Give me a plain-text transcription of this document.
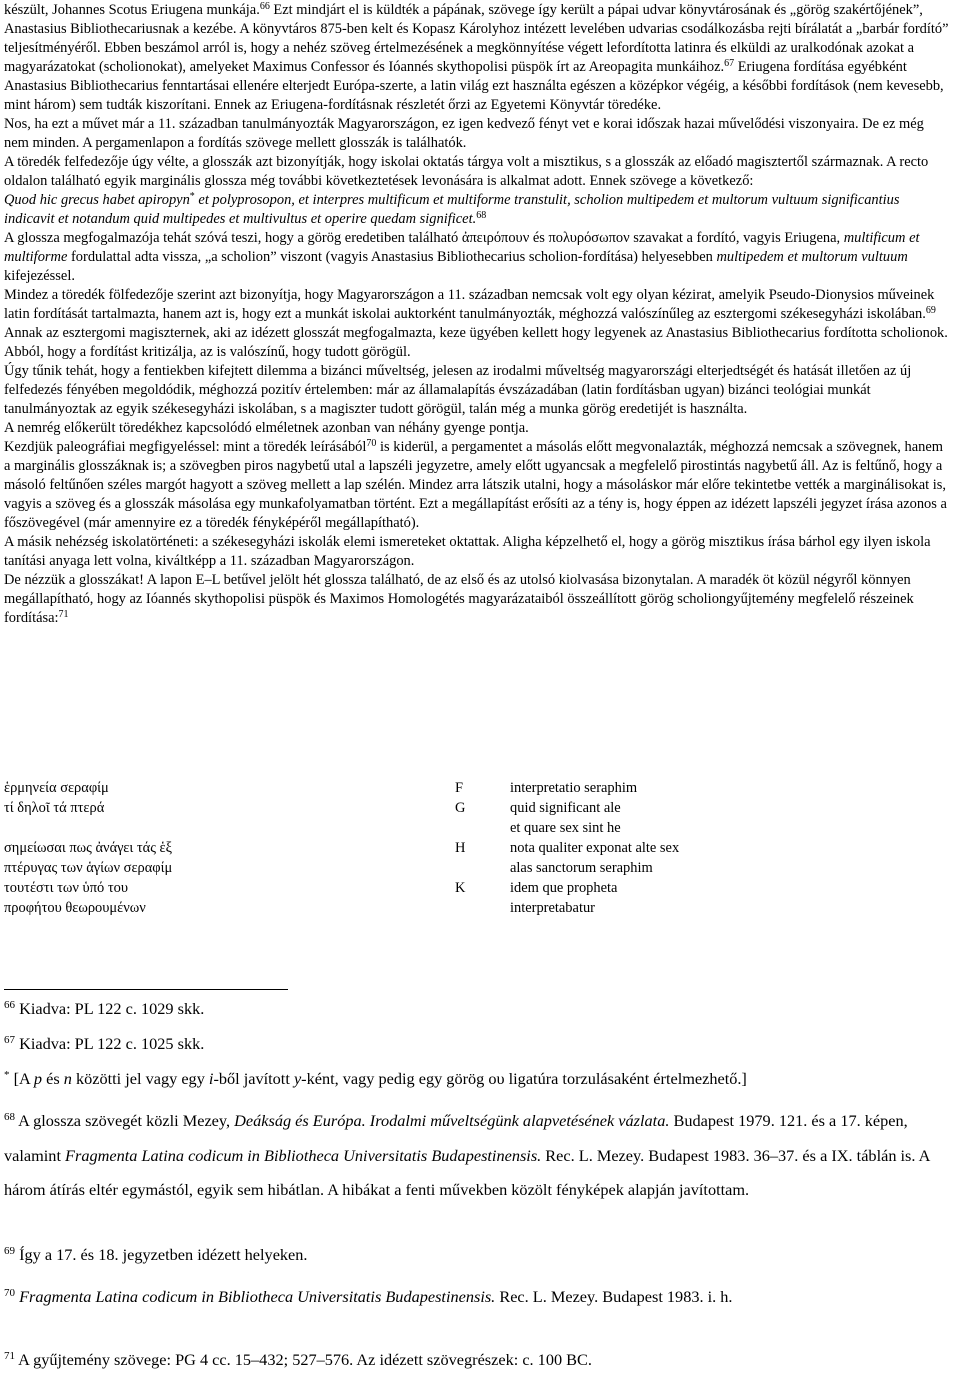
készült, Johannes Scotus Eriugena munkája.$^{66}$ Ezt mindjárt el is küldték a pápának, szövege így került a pápai udvar könyvtárosának és „görög szakértőjének”, Anastasius Bibliothecariusnak a kezébe. A könyvtáros 875-ben kelt és Kopasz Károlyhoz intézett levelében udvarias csodálkozásba rejti bírálatát a „barbár fordító” teljesítményéről. Ebben beszámol arról is, hogy a nehéz szöveg értelmezésének a megkönnyítése végett lefordította latinra és elküldi az uralkodónak azokat a magyarázatokat (scholionokat), amelyeket Maximus Confessor és Ióannés skythopolisi püspök írt az Areopagita munkáihoz.$^{67}$ Eriugena fordítása egyébként Anastasius Bibliothecarius fenntartásai ellenére elterjedt Európa-szerte, a latin világ ezt használta egészen a középkor végéig, a későbbi fordítások (nem kevesebb, mint három) sem tudták kiszorítani. Ennek az Eriugena-fordításnak részletét őrzi az Egyetemi Könyvtár töredéke.

Nos, ha ezt a művet már a 11. században tanulmányozták Magyarországon, ez igen kedvező fényt vet e korai időszak hazai művelődési viszonyaira. De ez még nem minden. A pergamenlapon a fordítás szövege mellett glosszák is találhatók.

A töredék felfedezője úgy vélte, a glosszák azt bizonyítják, hogy iskolai oktatás tárgya volt a misztikus, s a glosszák az előadó magisztertől származnak. A recto oldalon található egyik marginális glossza még további következtetések levonására is alkalmat adott. Ennek szövege a következő:

Quod hic grecus habet apiropyn* et polyprosopon, et interpres multificum et multiforme transtulit, scholion multipedem et multorum vultuum significantius indicavit et notandum quid multipedes et multivultus et operire quedam significet.$^{68}$

A glossza megfogalmazója tehát szóvá teszi, hogy a görög eredetiben található ἀπειρόπουν és πολυρόσωπον szavakat a fordító, vagyis Eriugena, multificum et multiforme fordulattal adta vissza, „a scholion” viszont (vagyis Anastasius Bibliothecarius scholion-fordítása) helyesebben multipedem et multorum vultuum kifejezéssel.

Mindez a töredék fölfedezője szerint azt bizonyítja, hogy Magyarországon a 11. században nemcsak volt egy olyan kézirat, amelyik Pseudo-Dionysios műveinek latin fordítását tartalmazta, hanem azt is, hogy ezt a munkát iskolai auktorként tanulmányozták, méghozzá valószínűleg az esztergomi székesegyházi iskolában.$^{69}$ Annak az esztergomi magiszternek, aki az idézett glosszát megfogalmazta, keze ügyében kellett hogy legyenek az Anastasius Bibliothecarius fordította scholionok. Abból, hogy a fordítást kritizálja, az is valószínű, hogy tudott görögül.

Úgy tűnik tehát, hogy a fentiekben kifejtett dilemma a bizánci műveltség, jelesen az irodalmi műveltség magyarországi elterjedtségét és hatását illetően az új felfedezés fényében megoldódik, méghozzá pozitív értelemben: már az államalapítás évszázadában (latin fordításban ugyan) bizánci teológiai munkát tanulmányoztak az egyik székesegyházi iskolában, s a magiszter tudott görögül, talán még a munka görög eredetijét is használta.

A nemrég előkerült töredékhez kapcsolódó elméletnek azonban van néhány gyenge pontja.

Kezdjük paleográfiai megfigyeléssel: mint a töredék leírásából$^{70}$ is kiderül, a pergamentet a másolás előtt megvonalazták, méghozzá nemcsak a szövegnek, hanem a marginális glosszáknak is; a szövegben piros nagybetű utal a lapszéli jegyzetre, amely előtt ugyancsak a megfelelő pirostintás nagybetű áll. Az is feltűnő, hogy a másoló feltűnően széles margót hagyott a szöveg mellett a lap szélén. Mindez arra látszik utalni, hogy a másoláskor már előre tekintetbe vették a marginálisokat is, vagyis a szöveg és a glosszák másolása egy munkafolyamatban történt. Ezt a megállapítást erősíti az a tény is, hogy éppen az idézett lapszéli jegyzet írása azonos a főszövegével (már amennyire ez a töredék fényképéről megállapítható).

A másik nehézség iskolatörténeti: a székesegyházi iskolák elemi ismereteket oktattak. Aligha képzelhető el, hogy a görög misztikus írása bárhol egy ilyen iskola tanítási anyaga lett volna, kiváltképp a 11. században Magyarországon.

De nézzük a glosszákat! A lapon E–L betűvel jelölt hét glossza található, de az első és az utolsó kiolvasása bizonytalan. A maradék öt közül négyről könnyen megállapítható, hogy az Ióannés skythopolisi püspök és Maximos Homologétés magyarázataiból összeállított görög scholiongyűjtemény megfelelő részeinek fordítása:$^{71}$

ἑρμηνεία σεραφίμ
τί δηλοῖ τά πτερά
σημείωσαι πως ἀνάγει τάς ἑξ
πτέρυγας των ἁγίων σεραφίμ
τουτέστι των ὑπό του
προφήτου θεωρουμένων
F
G
H
K
interpretatio seraphim
quid significant ale
et quare sex sint he
nota qualiter exponat alte sex
alas sanctorum seraphim
idem que propheta
interpretabatur
$^{66}$ Kiadva: PL 122 c. 1029 skk.
$^{67}$ Kiadva: PL 122 c. 1025 skk.
* [A p és n közötti jel vagy egy i-ből javított y-ként, vagy pedig egy görög ου ligatúra torzulásaként értelmezhető.]
$^{68}$ A glossza szövegét közli Mezey, Deákság és Európa. Irodalmi műveltségünk alapvetésének vázlata. Budapest 1979. 121. és a 17. képen, valamint Fragmenta Latina codicum in Bibliotheca Universitatis Budapestinensis. Rec. L. Mezey. Budapest 1983. 36–37. és a IX. táblán is. A három átírás eltér egymástól, egyik sem hibátlan. A hibákat a fenti művekben közölt fényképek alapján javítottam.
$^{69}$ Így a 17. és 18. jegyzetben idézett helyeken.
$^{70}$ Fragmenta Latina codicum in Bibliotheca Universitatis Budapestinensis. Rec. L. Mezey. Budapest 1983. i. h.
$^{71}$ A gyűjtemény szövege: PG 4 cc. 15–432; 527–576. Az idézett szövegrészek: c. 100 BC.
